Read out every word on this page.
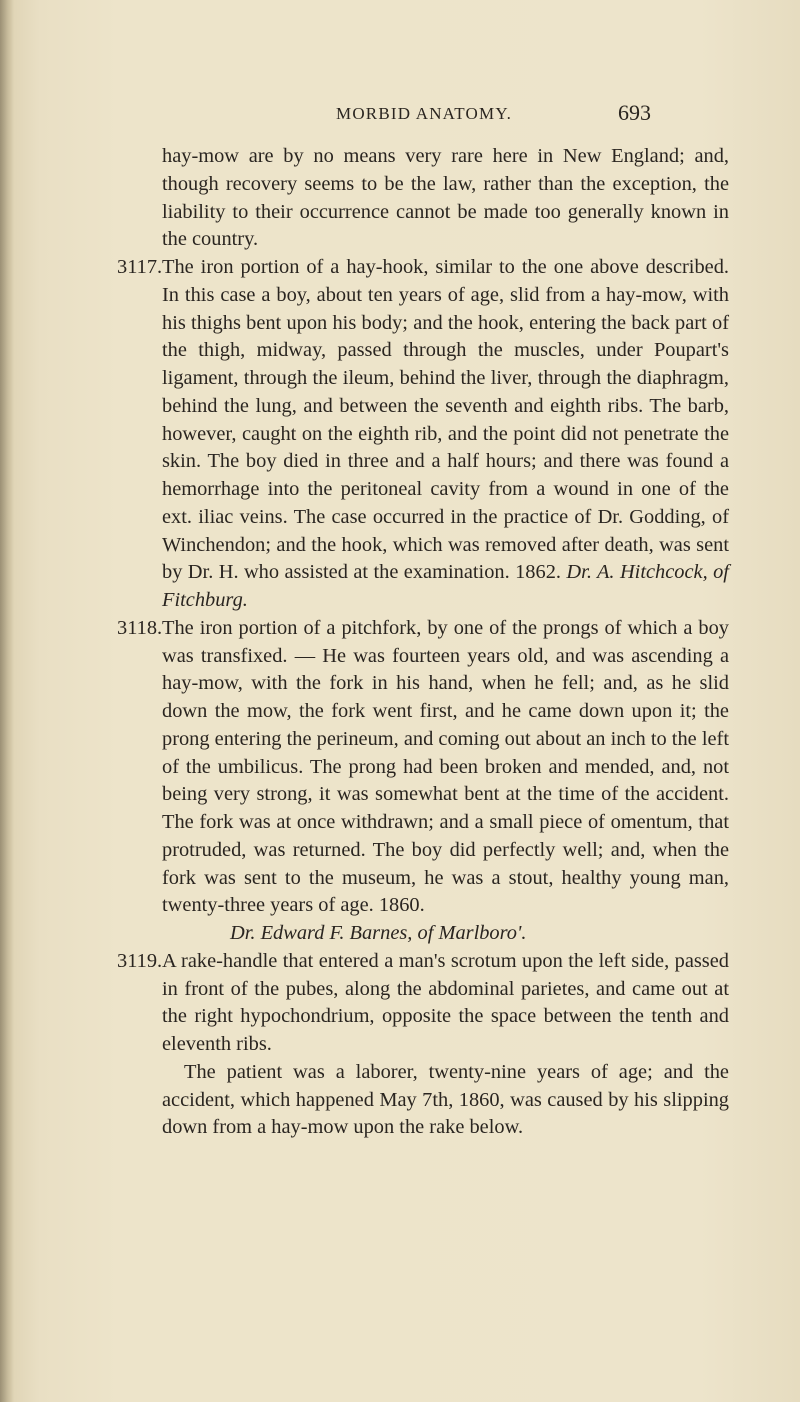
MORBID ANATOMY.	693

hay-mow are by no means very rare here in New England; and, though recovery seems to be the law, rather than the exception, the liability to their occurrence cannot be made too generally known in the country.

3117.The iron portion of a hay-hook, similar to the one above described. In this case a boy, about ten years of age, slid from a hay-mow, with his thighs bent upon his body; and the hook, entering the back part of the thigh, midway, passed through the muscles, under Poupart's ligament, through the ileum, behind the liver, through the diaphragm, behind the lung, and between the seventh and eighth ribs. The barb, however, caught on the eighth rib, and the point did not penetrate the skin. The boy died in three and a half hours; and there was found a hemorrhage into the peritoneal cavity from a wound in one of the ext. iliac veins. The case occurred in the practice of Dr. Godding, of Winchendon; and the hook, which was removed after death, was sent by Dr. H. who assisted at the examination. 1862. Dr. A. Hitchcock, of Fitchburg.

3118.The iron portion of a pitchfork, by one of the prongs of which a boy was transfixed. — He was fourteen years old, and was ascending a hay-mow, with the fork in his hand, when he fell; and, as he slid down the mow, the fork went first, and he came down upon it; the prong entering the perineum, and coming out about an inch to the left of the umbilicus. The prong had been broken and mended, and, not being very strong, it was somewhat bent at the time of the accident. The fork was at once withdrawn; and a small piece of omentum, that protruded, was returned. The boy did perfectly well; and, when the fork was sent to the museum, he was a stout, healthy young man, twenty-three years of age. 1860.

Dr. Edward F. Barnes, of Marlboro'.

3119.A rake-handle that entered a man's scrotum upon the left side, passed in front of the pubes, along the abdominal parietes, and came out at the right hypochondrium, opposite the space between the tenth and eleventh ribs.

The patient was a laborer, twenty-nine years of age; and the accident, which happened May 7th, 1860, was caused by his slipping down from a hay-mow upon the rake below.
